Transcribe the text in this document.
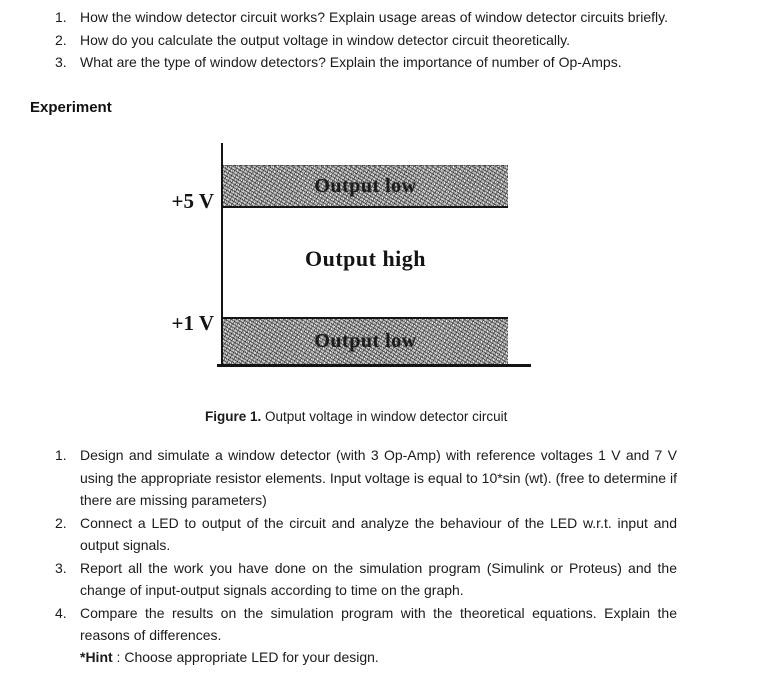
1. How the window detector circuit works? Explain usage areas of window detector circuits briefly.
2. How do you calculate the output voltage in window detector circuit theoretically.
3. What are the type of window detectors? Explain the importance of number of Op-Amps.
Experiment
Output low
Output high
Output low
+5 V
+1 V
Figure 1. Output voltage in window detector circuit
1. Design and simulate a window detector (with 3 Op-Amp) with reference voltages 1 V and 7 V using the appropriate resistor elements. Input voltage is equal to 10*sin (wt). (free to determine if there are missing parameters)
2. Connect a LED to output of the circuit and analyze the behaviour of the LED w.r.t. input and output signals.
3. Report all the work you have done on the simulation program (Simulink or Proteus) and the change of input-output signals according to time on the graph.
4. Compare the results on the simulation program with the theoretical equations. Explain the reasons of differences.
*Hint : Choose appropriate LED for your design.
